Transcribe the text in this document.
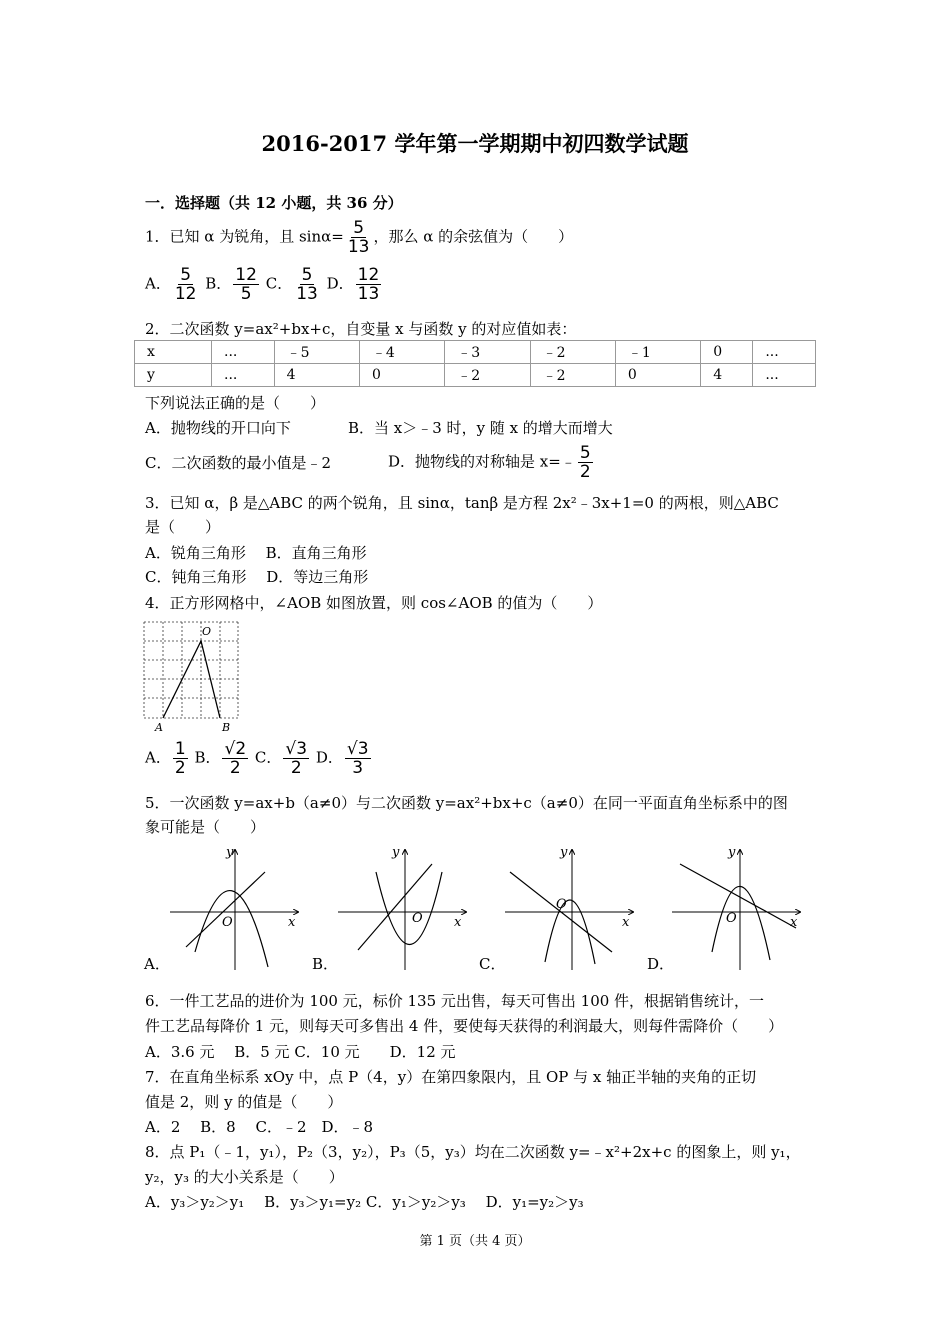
2016-2017 学年第一学期期中初四数学试题
一．选择题（共 12 小题，共 36 分）
1．已知 α 为锐角，且 $\sin\alpha= \frac{5}{13}$ ，那么 α 的余弦值为（　　）
A． $\frac{5}{12}$ B． $\frac{12}{5}$ C． $\frac{5}{13}$ D． $\frac{12}{13}$
2．二次函数 y=ax²+bx+c，自变量 x 与函数 y 的对应值如表：
x	...	﹣5	﹣4	﹣3	﹣2	﹣1	0	...
y	...	4	0	﹣2	﹣2	0	4	...
下列说法正确的是（　　）
A．抛物线的开口向下	B．当 x＞﹣3 时，y 随 x 的增大而增大
C．二次函数的最小值是﹣2	D．抛物线的对称轴是 x=﹣ $\frac{5}{2}$
3．已知 α，β 是△ABC 的两个锐角，且 sinα，tanβ 是方程 2x²﹣3x+1=0 的两根，则△ABC
是（　　）
A．锐角三角形　 B．直角三角形
C．钝角三角形　 D．等边三角形
4．正方形网格中，∠AOB 如图放置，则 cos∠AOB 的值为（　　）
O
A	B
A． $\frac{1}{2}$ B． $\frac{√2}{2}$ C． $\frac{√3}{2}$ D． $\frac{√3}{3}$
5．一次函数 y=ax+b（a≠0）与二次函数 y=ax²+bx+c（a≠0）在同一平面直角坐标系中的图
象可能是（　　）
y
x
O
A．
y
x
O
B．
y
x
O
C．
y
x
O
D．
6．一件工艺品的进价为 100 元，标价 135 元出售，每天可售出 100 件，根据销售统计，一
件工艺品每降价 1 元，则每天可多售出 4 件，要使每天获得的利润最大，则每件需降价（　　）
A．3.6 元　 B．5 元 C．10 元　　D．12 元
7．在直角坐标系 xOy 中，点 P（4，y）在第四象限内，且 OP 与 x 轴正半轴的夹角的正切
值是 2，则 y 的值是（　　）
A．2　 B．8　 C．﹣2　D．﹣8
8．点 P₁（﹣1，y₁），P₂（3，y₂），P₃（5，y₃）均在二次函数 y=﹣x²+2x+c 的图象上，则 y₁，
y₂，y₃ 的大小关系是（　　）
A．y₃＞y₂＞y₁　 B．y₃＞y₁=y₂ C．y₁＞y₂＞y₃　 D．y₁=y₂＞y₃
第 1 页（共 4 页）
